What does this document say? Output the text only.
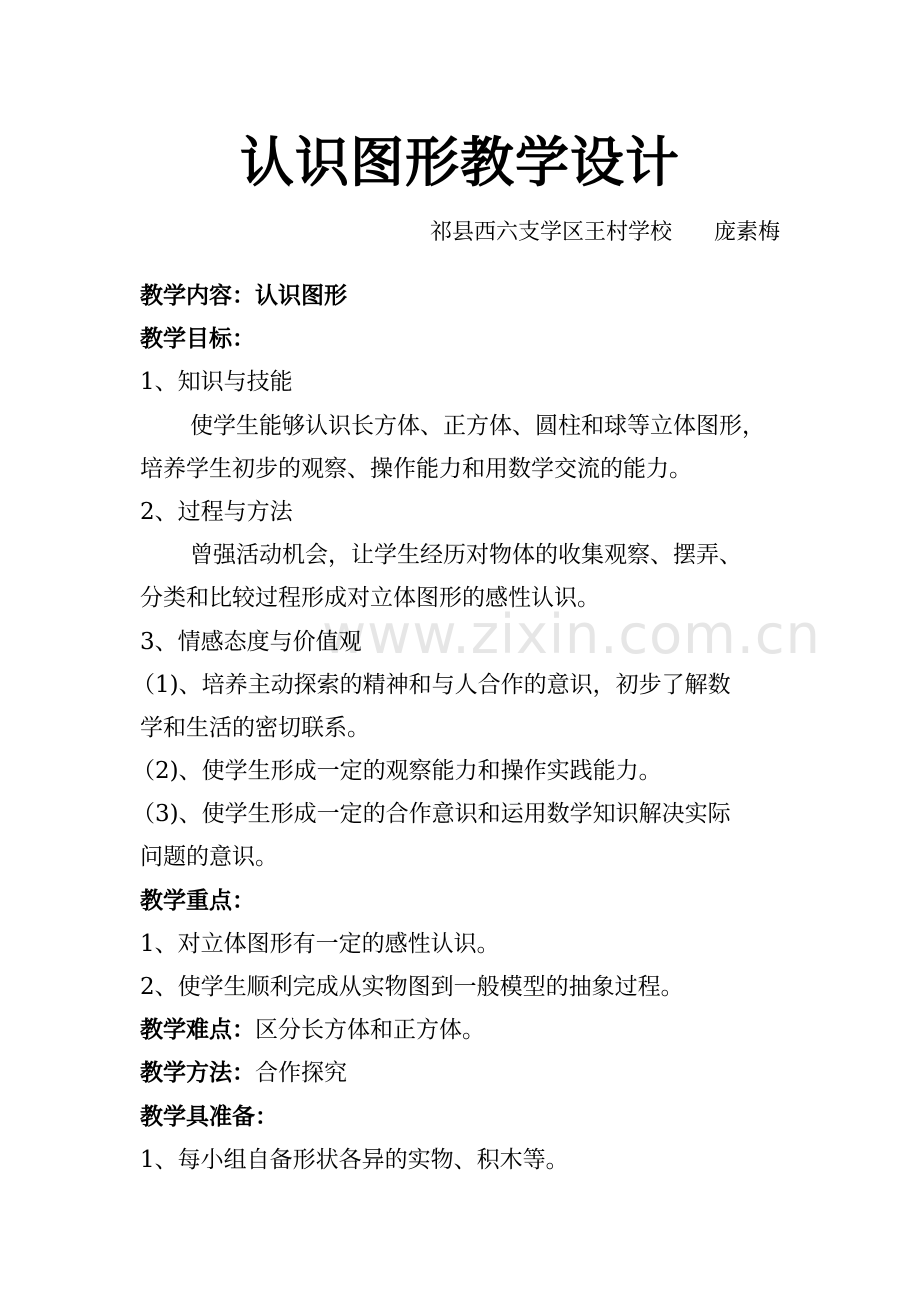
www.zixin.com.cn
认识图形教学设计
祁县西六支学区王村学校      庞素梅
教学内容：认识图形
教学目标：
1、知识与技能
使学生能够认识长方体、正方体、圆柱和球等立体图形，
培养学生初步的观察、操作能力和用数学交流的能力。
2、过程与方法
曾强活动机会，让学生经历对物体的收集观察、摆弄、
分类和比较过程形成对立体图形的感性认识。
3、情感态度与价值观
（1)、培养主动探索的精神和与人合作的意识，初步了解数
学和生活的密切联系。
（2)、使学生形成一定的观察能力和操作实践能力。
（3)、使学生形成一定的合作意识和运用数学知识解决实际
问题的意识。
教学重点：
1、对立体图形有一定的感性认识。
2、使学生顺利完成从实物图到一般模型的抽象过程。
教学难点：区分长方体和正方体。
教学方法：合作探究
教学具准备：
1、每小组自备形状各异的实物、积木等。
